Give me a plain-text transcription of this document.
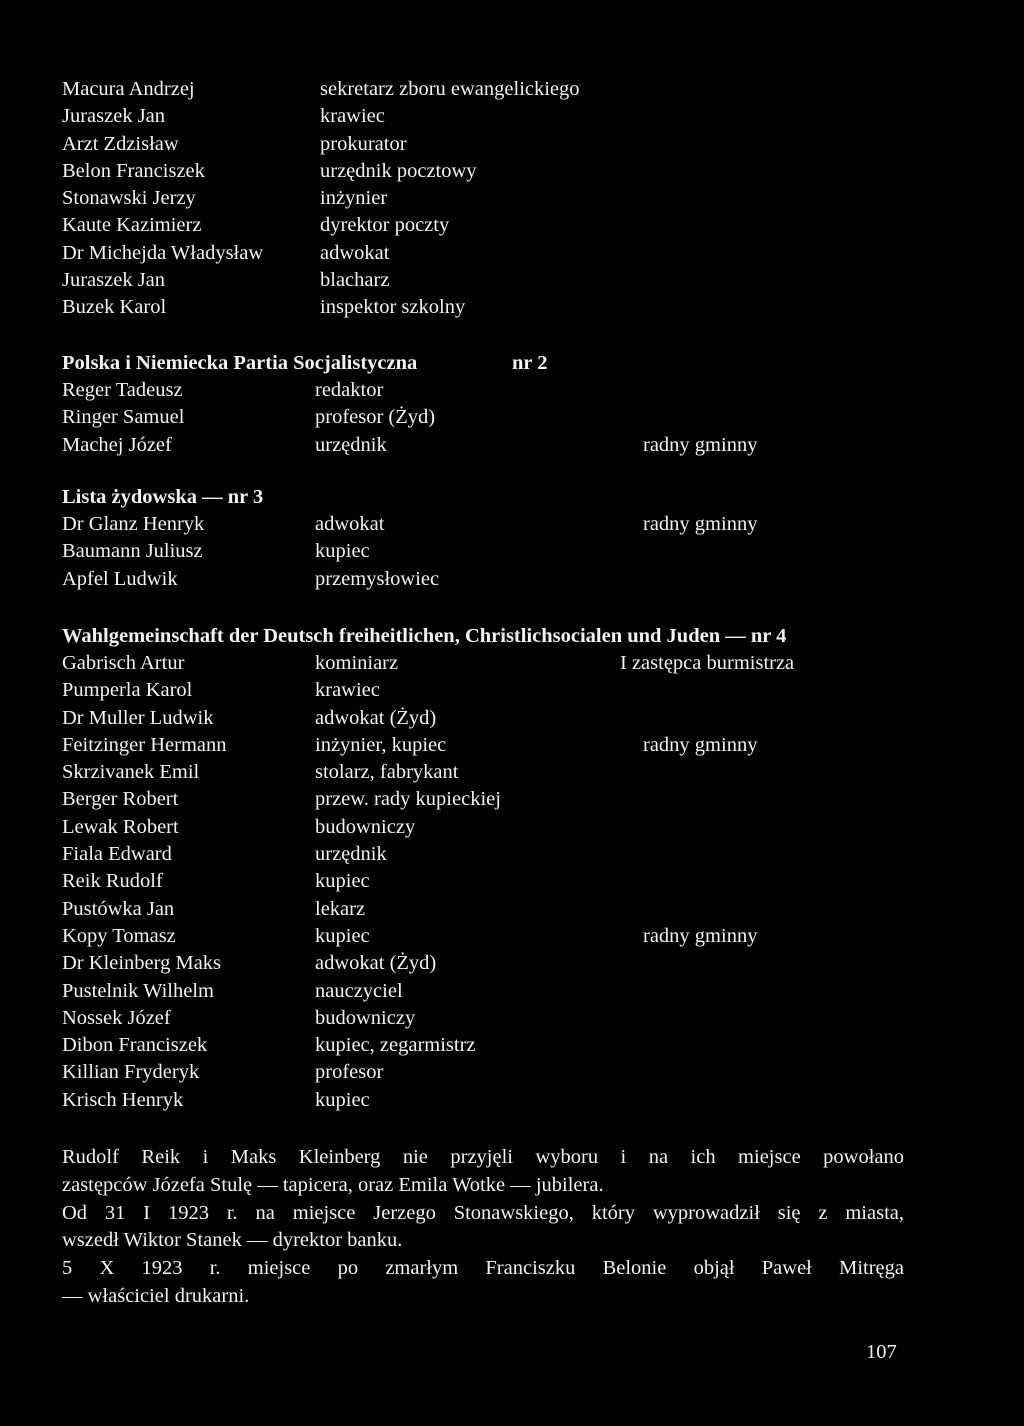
Macura Andrzej	sekretarz zboru ewangelickiego
Juraszek Jan	krawiec
Arzt Zdzisław	prokurator
Belon Franciszek	urzędnik pocztowy
Stonawski Jerzy	inżynier
Kaute Kazimierz	dyrektor poczty
Dr Michejda Władysław	adwokat
Juraszek Jan	blacharz
Buzek Karol	inspektor szkolny
Polska i Niemiecka Partia Socjalistyczna	nr 2
Reger Tadeusz	redaktor
Ringer Samuel	profesor (Żyd)
Machej Józef	urzędnik	radny gminny
Lista żydowska — nr 3
Dr Glanz Henryk	adwokat	radny gminny
Baumann Juliusz	kupiec
Apfel Ludwik	przemysłowiec
Wahlgemeinschaft der Deutsch freiheitlichen, Christlichsocialen und Juden — nr 4
Gabrisch Artur	kominiarz	I zastępca burmistrza
Pumperla Karol	krawiec
Dr Muller Ludwik	adwokat (Żyd)
Feitzinger Hermann	inżynier, kupiec	radny gminny
Skrzivanek Emil	stolarz, fabrykant
Berger Robert	przew. rady kupieckiej
Lewak Robert	budowniczy
Fiala Edward	urzędnik
Reik Rudolf	kupiec
Pustówka Jan	lekarz
Kopy Tomasz	kupiec	radny gminny
Dr Kleinberg Maks	adwokat (Żyd)
Pustelnik Wilhelm	nauczyciel
Nossek Józef	budowniczy
Dibon Franciszek	kupiec, zegarmistrz
Killian Fryderyk	profesor
Krisch Henryk	kupiec

Rudolf Reik i Maks Kleinberg nie przyjęli wyboru i na ich miejsce powołano

zastępców Józefa Stulę — tapicera, oraz Emila Wotke — jubilera.

Od 31 I 1923 r. na miejsce Jerzego Stonawskiego, który wyprowadził się z miasta,

wszedł Wiktor Stanek — dyrektor banku.

5 X 1923 r. miejsce po zmarłym Franciszku Belonie objął Paweł Mitręga

— właściciel drukarni.

107
